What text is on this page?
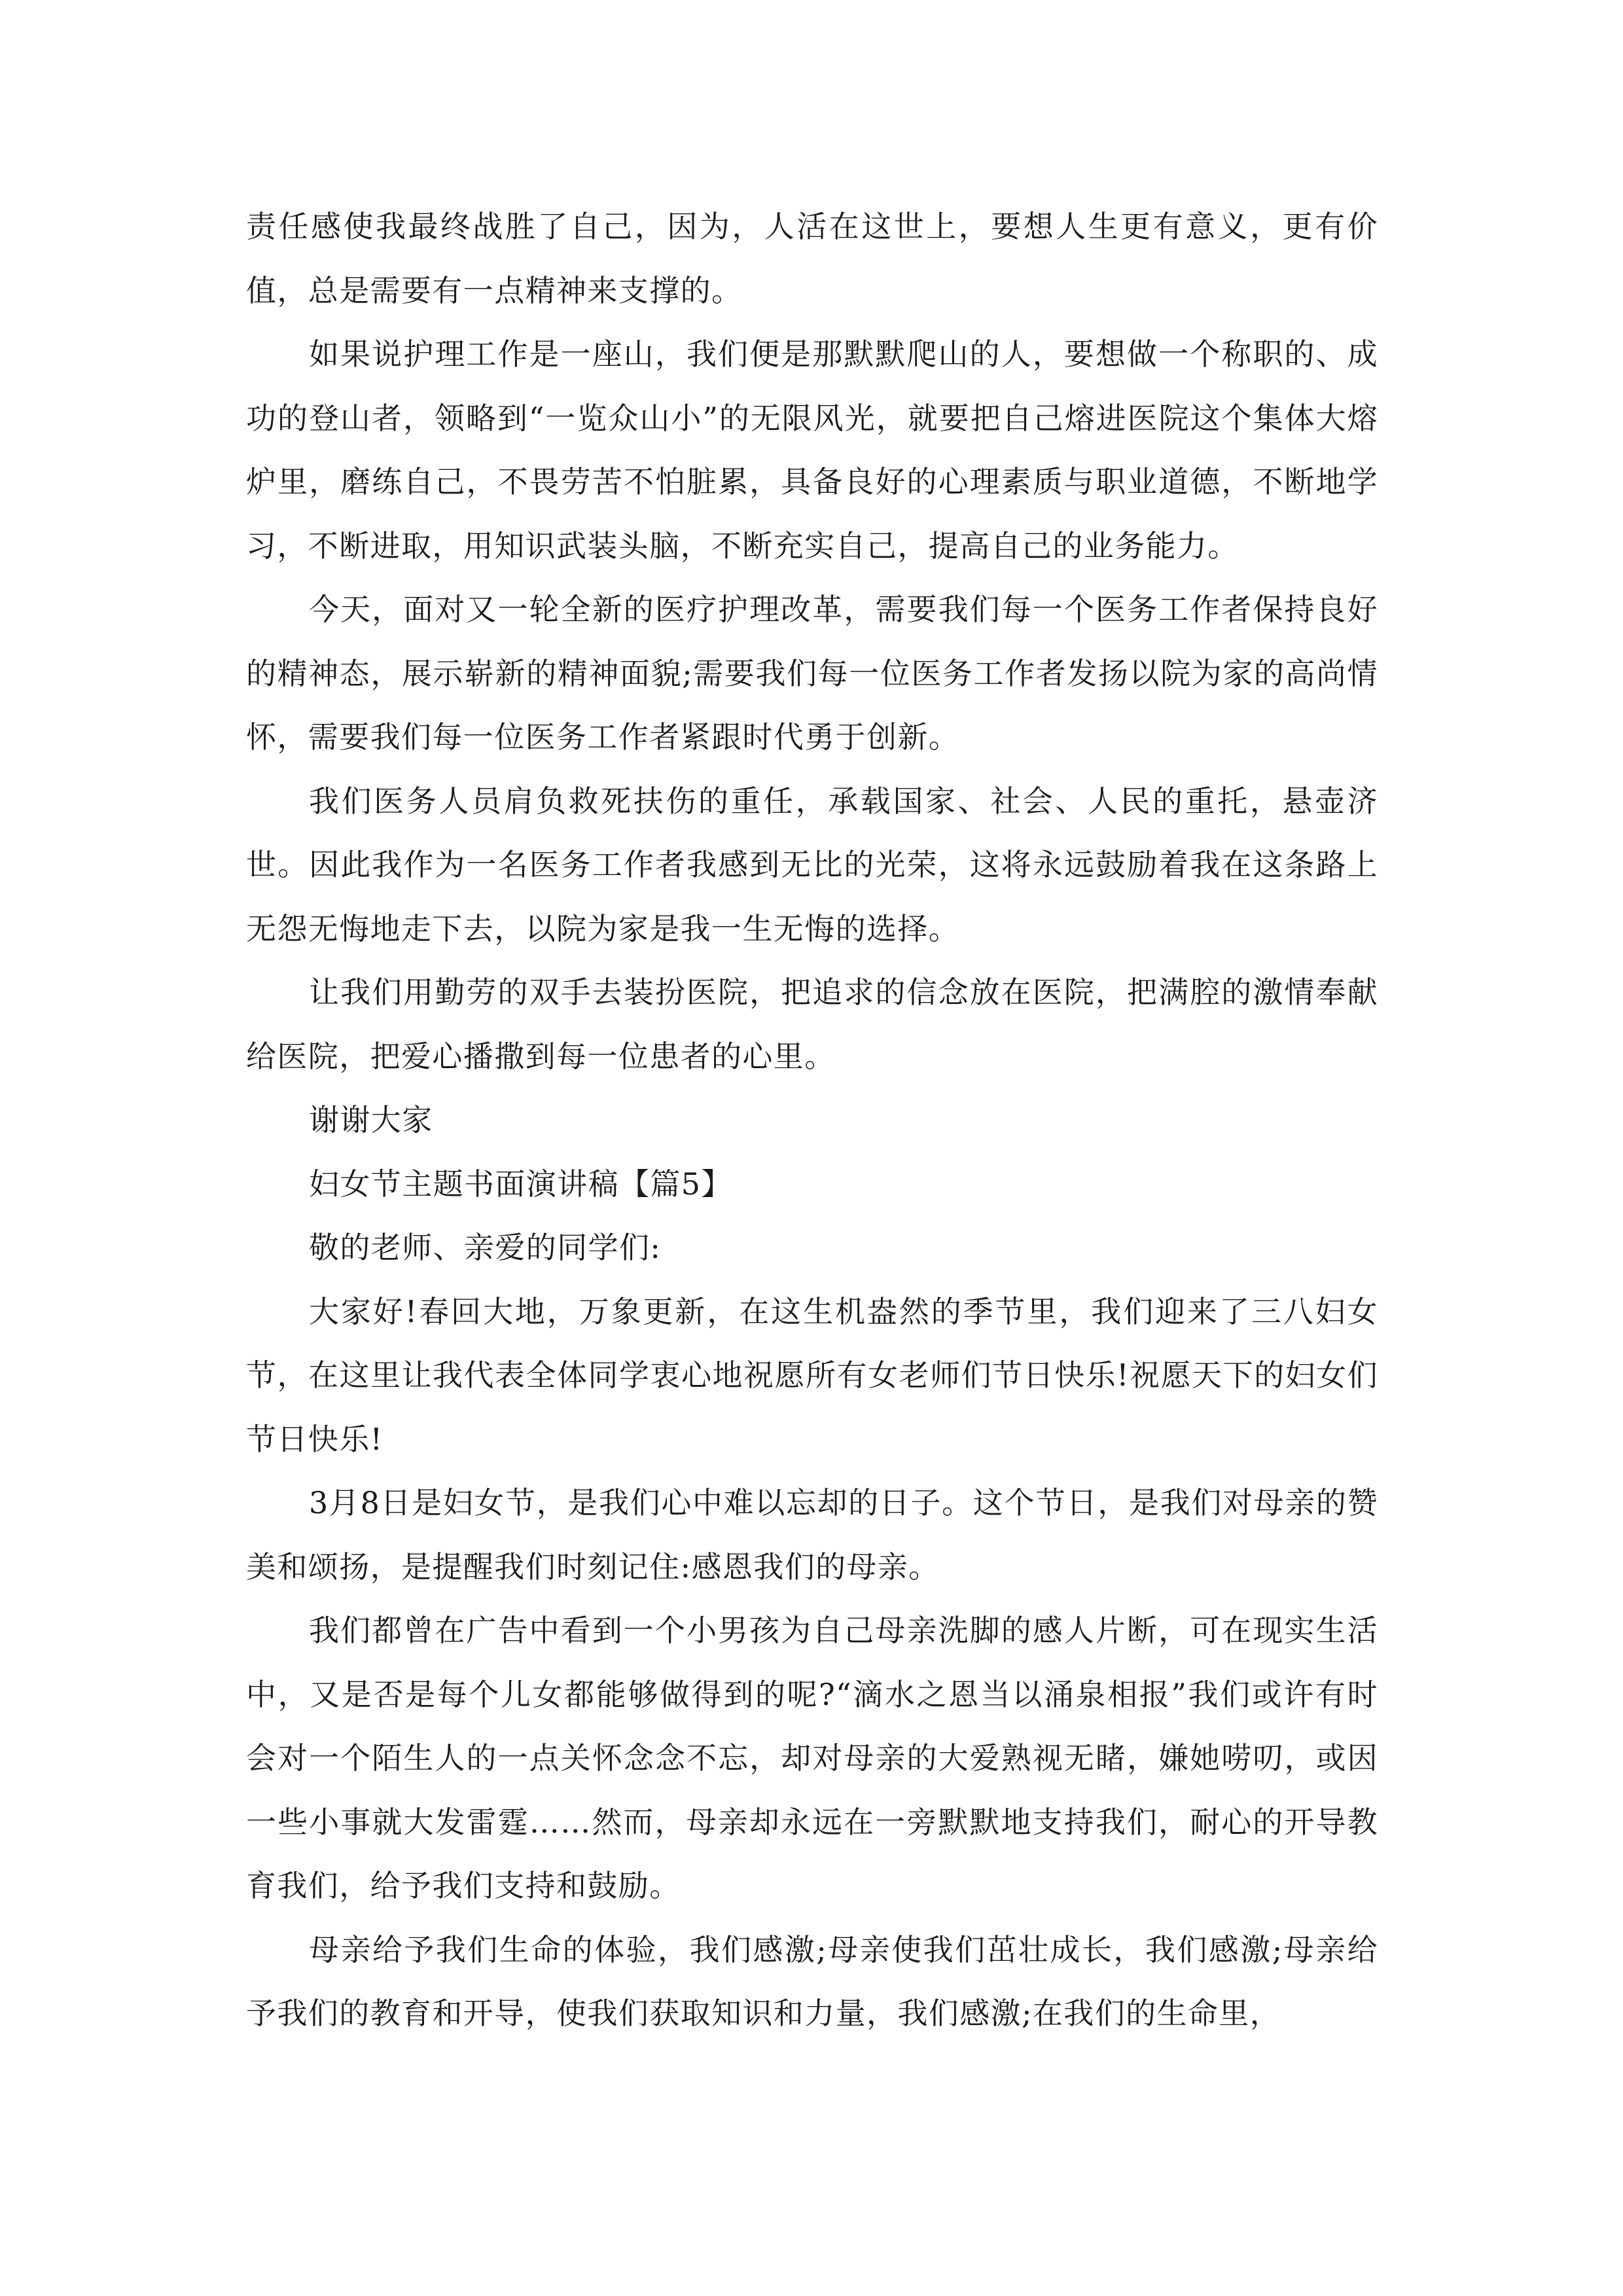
责任感使我最终战胜了自己，因为，人活在这世上，要想人生更有意义，更有价值，总是需要有一点精神来支撑的。

如果说护理工作是一座山，我们便是那默默爬山的人，要想做一个称职的、成功的登山者，领略到“一览众山小”的无限风光，就要把自己熔进医院这个集体大熔炉里，磨练自己，不畏劳苦不怕脏累，具备良好的心理素质与职业道德，不断地学习，不断进取，用知识武装头脑，不断充实自己，提高自己的业务能力。

今天，面对又一轮全新的医疗护理改革，需要我们每一个医务工作者保持良好的精神态，展示崭新的精神面貌;需要我们每一位医务工作者发扬以院为家的高尚情怀，需要我们每一位医务工作者紧跟时代勇于创新。

我们医务人员肩负救死扶伤的重任，承载国家、社会、人民的重托，悬壶济世。因此我作为一名医务工作者我感到无比的光荣，这将永远鼓励着我在这条路上无怨无悔地走下去，以院为家是我一生无悔的选择。

让我们用勤劳的双手去装扮医院，把追求的信念放在医院，把满腔的激情奉献给医院，把爱心播撒到每一位患者的心里。

谢谢大家

妇女节主题书面演讲稿【篇5】

敬的老师、亲爱的同学们:

大家好!春回大地，万象更新，在这生机盎然的季节里，我们迎来了三八妇女节，在这里让我代表全体同学衷心地祝愿所有女老师们节日快乐!祝愿天下的妇女们节日快乐!

3月8日是妇女节，是我们心中难以忘却的日子。这个节日，是我们对母亲的赞美和颂扬，是提醒我们时刻记住:感恩我们的母亲。

我们都曾在广告中看到一个小男孩为自己母亲洗脚的感人片断，可在现实生活中，又是否是每个儿女都能够做得到的呢?“滴水之恩当以涌泉相报”我们或许有时会对一个陌生人的一点关怀念念不忘，却对母亲的大爱熟视无睹，嫌她唠叨，或因一些小事就大发雷霆……然而，母亲却永远在一旁默默地支持我们，耐心的开导教育我们，给予我们支持和鼓励。

母亲给予我们生命的体验，我们感激;母亲使我们茁壮成长，我们感激;母亲给予我们的教育和开导，使我们获取知识和力量，我们感激;在我们的生命里，
